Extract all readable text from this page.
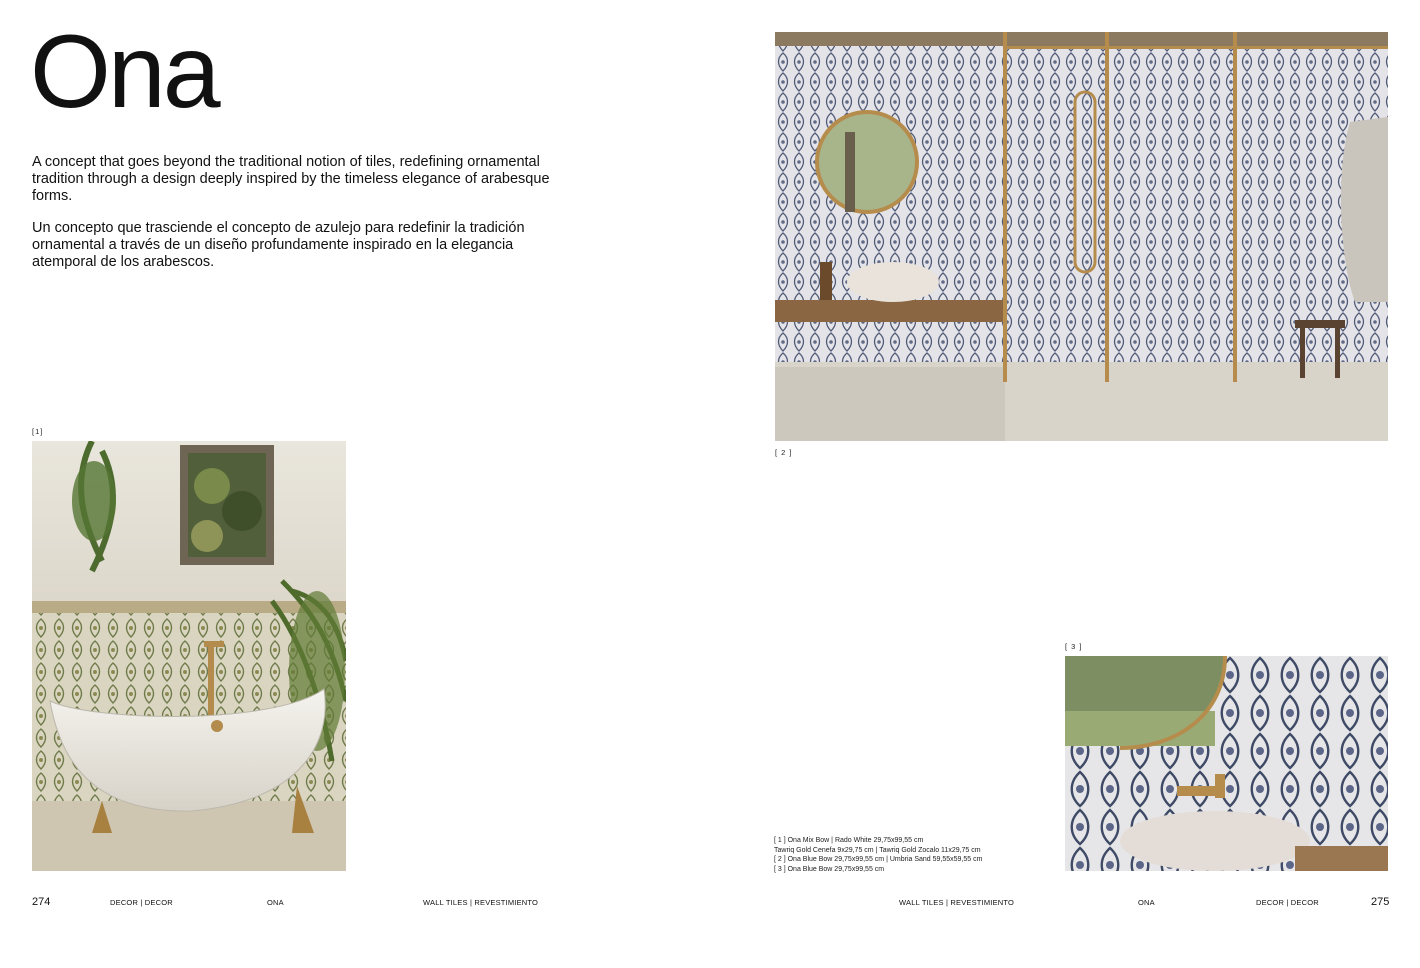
Ona

A concept that goes beyond the traditional notion of tiles, redefining ornamental tradition through a design deeply inspired by the timeless elegance of arabesque forms.

Un concepto que trasciende el concepto de azulejo para redefinir la tradición ornamental a través de un diseño profundamente inspirado en la elegancia atemporal de los arabescos.

[1]
[ 2 ]
[ 3 ]
[ 1 ] Ona Mix Bow | Rado White 29,75x99,55 cm
Tawriq Gold Cenefa 9x29,75 cm | Tawriq Gold Zocalo 11x29,75 cm
[ 2 ] Ona Blue Bow 29,75x99,55 cm | Umbria Sand 59,55x59,55 cm
[ 3 ] Ona Blue Bow 29,75x99,55 cm
274	DECOR | DECOR	ONA	WALL TILES | REVESTIMIENTO	WALL TILES | REVESTIMIENTO	ONA	DECOR | DECOR	275
